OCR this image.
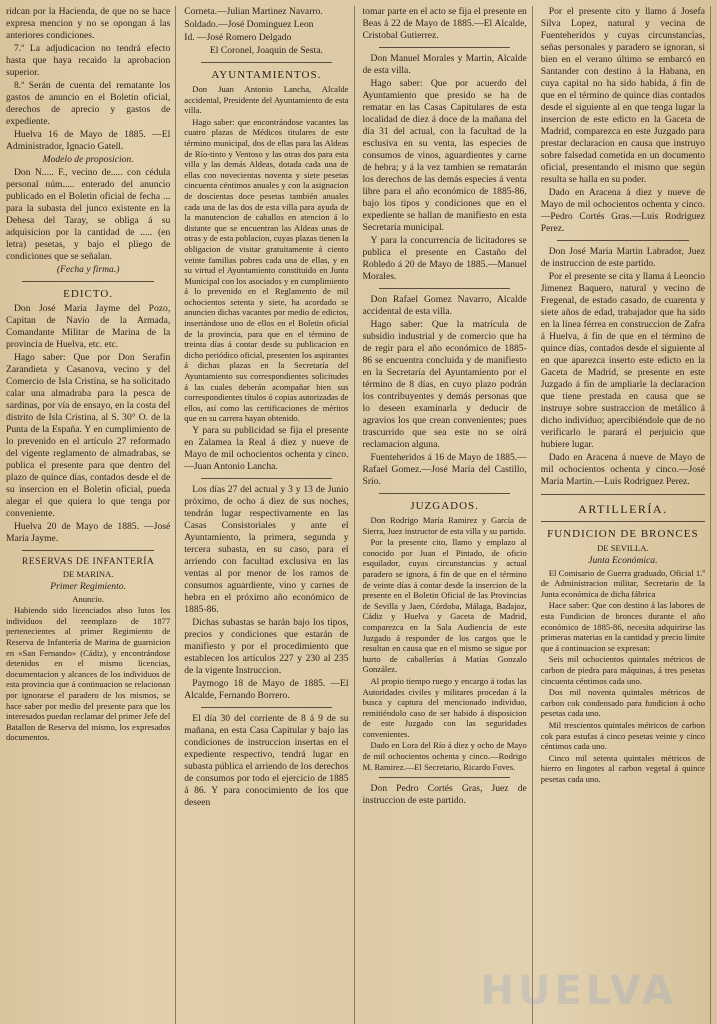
ridcan por la Hacienda, de que no se hace expresa mencion y no se opongan á las anteriores condiciones.

7.ª La adjudicacion no tendrá efecto hasta que haya recaido la aprobacion superior.

8.ª Serán de cuenta del rematante los gastos de anuncio en el Boletin oficial, derechos de aprecio y gastos de expediente.

Huelva 16 de Mayo de 1885. —El Administrador, Ignacio Gatell.

Modelo de proposicion.

Don N..... F., vecino de..... con cédula personal núm..... enterado del anuncio publicado en el Boletin oficial de fecha ... para la subasta del junco existente en la Dehesa del Taray, se obliga á su adquisicion por la cantidad de ..... (en letra) pesetas, y bajo el pliego de condiciones que se señalan.

(Fecha y firma.)

EDICTO.

Don José María Jayme del Pozo, Capitan de Navío de la Armada, Comandante Militar de Marina de la provincia de Huelva, etc. etc.

Hago saber: Que por Don Serafin Zarandieta y Casanova, vecino y del Comercio de Isla Cristina, se ha solicitado calar una almadraba para la pesca de sardinas, por vía de ensayo, en la costa del distrito de Isla Cristina, al S. 30° O. de la Punta de la España. Y en cumplimiento de lo prevenido en el artículo 27 reformado del vigente reglamento de almadrabas, se publica el presente para que dentro del plazo de quince días, contados desde el de su insercion en el Boletin oficial, pueda alegar el que quiera lo que tenga por conveniente.

Huelva 20 de Mayo de 1885. —José María Jayme.

RESERVAS DE INFANTERÍA

DE MARINA.

Primer Regimiento.

Anuncio.

Habiendo sido licenciados abso lutos los individuos del reemplazo de 1877 pertenecientes al primer Regimiento de Reserva de Infantería de Marina de guarnicion en «San Fernando» (Cádiz), y encontrándose detenidos en el mismo licencias, documentacion y alcances de los individuos de esta provincia que á continuacion se relacionan por ignorarse el paradero de los mismos, se hace saber por medio del presente para que los interesados puedan reclamar del primer Jefe del Batallon de Reserva del mismo, los expresados documentos.

Corneta.—Julian Martinez Navarro.

Soldado.—José Dominguez Leon

Id. —José Romero Delgado

El Coronel, Joaquin de Sesta.

AYUNTAMIENTOS.

Don Juan Antonio Lancha, Alcalde accidental, Presidente del Ayuntamiento de esta villa.

Hago saber: que encontrándose vacantes las cuatro plazas de Médicos titulares de este término municipal, dos de ellas para las Aldeas de Río-tinto y Ventoso y las otras dos para esta villa y las demás Aldeas, dotada cada una de ellas con novecientas noventa y siete pesetas cincuenta céntimos anuales y con la asignacion de doscientas doce pesetas también anuales cada una de las dos de esta villa para ayuda de la manutencion de caballos en atencion á lo distante que se encuentran las Aldeas unas de otras y de esta poblacion, cuyas plazas tienen la obligacion de visitar gratuitamente á ciento veinte familias pobres cada una de ellas, y en su virtud el Ayuntamiento constituido en Junta Municipal con los asociados y en cumplimiento á lo prevenido en el Reglamento de mil ochocientos setenta y siete, ha acordado se anuncien dichas vacantes por medio de edictos, insertándose uno de ellos en el Boletin oficial de la provincia, para que en el término de treinta días á contar desde su publicacion en dicho periódico oficial, presenten los aspirantes á dichas plazas en la Secretaría del Ayuntamiento sus correspondientes solicitudes á las cuales deberán acompañar bien sus correspondientes títulos ó copias autorizadas de ellos, así como las certificaciones de méritos que en su carrera hayan obtenido.

Y para su publicidad se fija el presente en Zalamea la Real á diez y nueve de Mayo de mil ochocientos ochenta y cinco.—Juan Antonio Lancha.

Los días 27 del actual y 3 y 13 de Junio próximo, de ocho á diez de sus noches, tendrán lugar respectivamente en las Casas Consistoriales y ante el Ayuntamiento, la primera, segunda y tercera subasta, en su caso, para el arriendo con facultad exclusiva en las ventas al por menor de los ramos de consumos aguardiente, vino y carnes de hebra en el próximo año económico de 1885-86.

Dichas subastas se harán bajo los tipos, precios y condiciones que estarán de manifiesto y por el procedimiento que establecen los artículos 227 y 230 al 235 de la vigente Instruccion.

Paymogo 18 de Mayo de 1885. —El Alcalde, Fernando Borrero.

El día 30 del corriente de 8 á 9 de su mañana, en esta Casa Capitular y bajo las condiciones de instruccion insertas en el expediente respectivo, tendrá lugar en subasta pública el arriendo de los derechos de consumos por todo el ejercicio de 1885 á 86. Y para conocimiento de los que deseen

tomar parte en el acto se fija el presente en Beas á 22 de Mayo de 1885.—El Alcalde, Cristobal Gutierrez.

Don Manuel Morales y Martin, Alcalde de esta villa.

Hago saber: Que por acuerdo del Ayuntamiento que presido se ha de rematar en las Casas Capitulares de esta localidad de diez á doce de la mañana del día 31 del actual, con la facultad de la esclusiva en su venta, las especies de consumos de vinos, aguardientes y carne de hebra; y á la vez tambien se rematarán los derechos de las demás especies á venta libre para el año económico de 1885-86, bajo los tipos y condiciones que en el expediente se hallan de manifiesto en esta Secretaría municipal.

Y para la concurrencia de licitadores se publica el presente en Castaño del Robledo á 20 de Mayo de 1885.—Manuel Morales.

Don Rafael Gomez Navarro, Alcalde accidental de esta villa.

Hago saber: Que la matrícula de subsidio industrial y de comercio que ha de regir para el año económico de 1885-86 se encuentra concluida y de manifiesto en la Secretaría del Ayuntamiento por el término de 8 días, en cuyo plazo podrán los contribuyentes y demás personas que lo deseen examinarla y deducir de agravios los que crean convenientes; pues trascurrido que sea este no se oirá reclamacion alguna.

Fuenteheridos á 16 de Mayo de 1885.—Rafael Gomez.—José María del Castillo, Srio.

JUZGADOS.

Don Rodrigo María Ramirez y García de Sierra, Juez instructor de esta villa y su partido.

Por la presente cito, llamo y emplazo al conocido por Juan el Pintado, de oficio esquilador, cuyas circunstancias y actual paradero se ignora, á fin de que en el término de veinte días á contar desde la insercion de la presente en el Boletin Oficial de las Provincias de Sevilla y Jaen, Córdoba, Málaga, Badajoz, Cádiz y Huelva y Gaceta de Madrid, comparezca en la Sala Audiencia de este Juzgado á responder de los cargos que le resultan en causa que en el mismo se sigue por hurto de caballerías á Matías Gonzalo González.

Al propio tiempo ruego y encargo á todas las Autoridades civiles y militares procedan á la busca y captura del mencionado individuo, remitiéndolo caso de ser habido á disposicion de este Juzgado con las seguridades convenientes.

Dado en Lora del Río á diez y ocho de Mayo de mil ochocientos ochenta y cinco.—Rodrigo M. Ramirez.—El Secretario, Ricardo Foves.

Don Pedro Cortés Gras, Juez de instruccion de este partido.

Por el presente cito y llamo á Josefa Silva Lopez, natural y vecina de Fuenteheridos y cuyas circunstancias, señas personales y paradero se ignoran, si bien en el verano último se embarcó en Santander con destino á la Habana, en cuya capital no ha sido habida, á fin de que en el término de quince días contados desde el siguiente al en que tenga lugar la insercion de este edicto en la Gaceta de Madrid, comparezca en este Juzgado para prestar declaracion en causa que instruyo sobre falsedad cometida en un documento oficial, presentando el mismo que según resulta se halla en su poder.

Dado en Aracena á diez y nueve de Mayo de mil ochocientos ochenta y cinco.—Pedro Cortés Gras.—Luis Rodriguez Perez.

Don José María Martin Labrador, Juez de instruccion de este partido.

Por el presente se cita y llama á Leoncio Jimenez Baquero, natural y vecino de Fregenal, de estado casado, de cuarenta y siete años de edad, trabajador que ha sido en la línea férrea en construccion de Zafra á Huelva, á fin de que en el término de quince días, contados desde el siguiente al en que aparezca inserto este edicto en la Gaceta de Madrid, se presente en este Juzgado á fin de ampliarle la declaracion que tiene prestada en causa que se instruye sobre sustraccion de metálico á dicho individuo; apercibiéndole que de no verificarlo le parará el perjuicio que hubiere lugar.

Dado en Aracena á nueve de Mayo de mil ochocientos ochenta y cinco.—José María Martin.—Luis Rodriguez Perez.

ARTILLERÍA.

FUNDICION DE BRONCES

DE SEVILLA.

Junta Económica.

El Comisario de Guerra graduado, Oficial 1.º de Administracion militar, Secretario de la Junta económica de dicha fábrica

Hace saber: Que con destino á las labores de esta Fundicion de bronces durante el año económico de 1885-86, necesita adquirirse las primeras materias en la cantidad y precio límite que á continuacion se expresan:

Seis mil ochocientos quintales métricos de carbon de piedra para máquinas, á tres pesetas cincuenta céntimos cada uno.

Dos mil noventa quintales métricos de carbon cok condensado para fundicion á ocho pesetas cada uno.

Mil trescientos quintales métricos de carbon cok para estufas á cinco pesetas veinte y cinco céntimos cada uno.

Cinco mil setenta quintales métricos de hierro en lingotes al carbon vegetal á quince pesetas cada uno.

HUELVA
